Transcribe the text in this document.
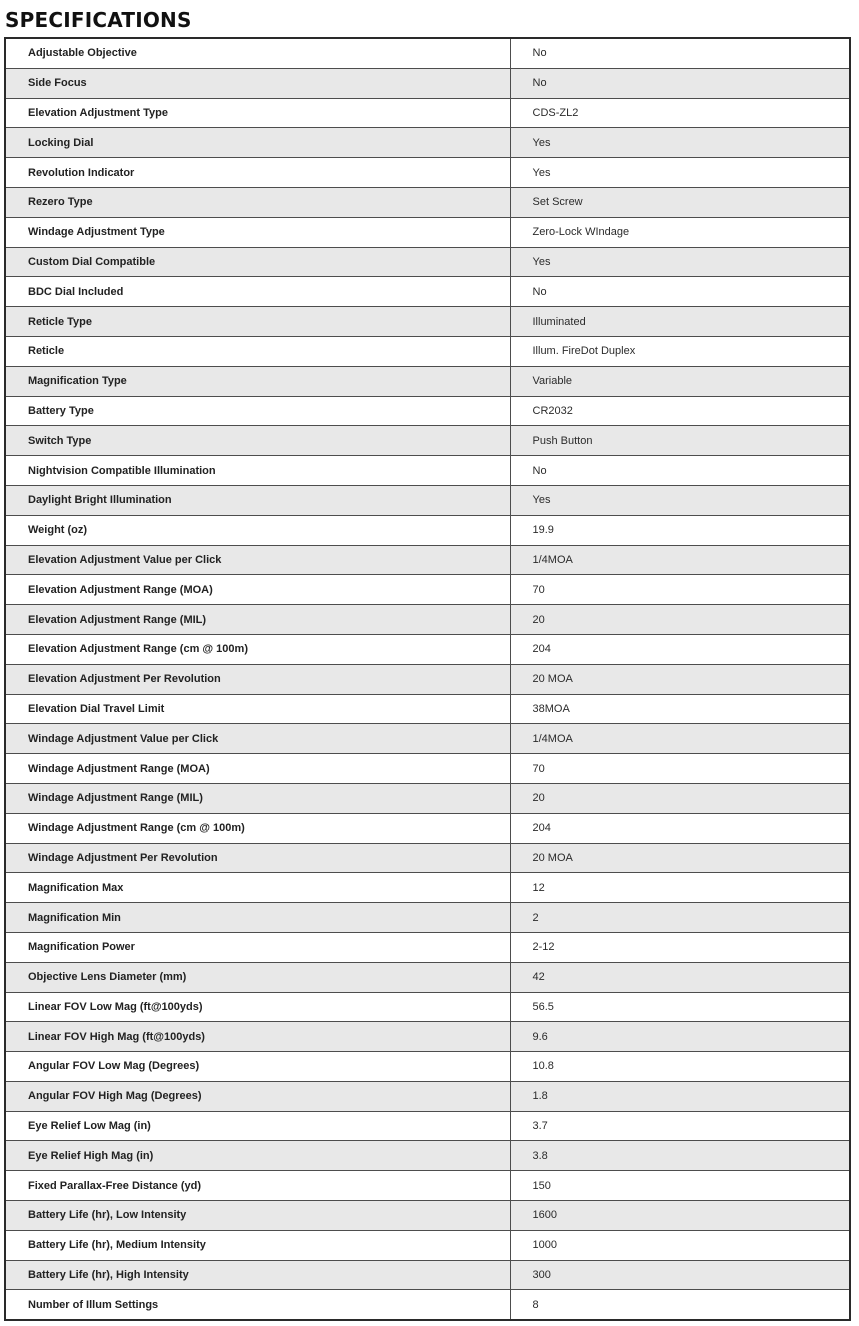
SPECIFICATIONS
Adjustable Objective	No
Side Focus	No
Elevation Adjustment Type	CDS-ZL2
Locking Dial	Yes
Revolution Indicator	Yes
Rezero Type	Set Screw
Windage Adjustment Type	Zero-Lock WIndage
Custom Dial Compatible	Yes
BDC Dial Included	No
Reticle Type	Illuminated
Reticle	Illum. FireDot Duplex
Magnification Type	Variable
Battery Type	CR2032
Switch Type	Push Button
Nightvision Compatible Illumination	No
Daylight Bright Illumination	Yes
Weight (oz)	19.9
Elevation Adjustment Value per Click	1/4MOA
Elevation Adjustment Range (MOA)	70
Elevation Adjustment Range (MIL)	20
Elevation Adjustment Range (cm @ 100m)	204
Elevation Adjustment Per Revolution	20 MOA
Elevation Dial Travel Limit	38MOA
Windage Adjustment Value per Click	1/4MOA
Windage Adjustment Range (MOA)	70
Windage Adjustment Range (MIL)	20
Windage Adjustment Range (cm @ 100m)	204
Windage Adjustment Per Revolution	20 MOA
Magnification Max	12
Magnification Min	2
Magnification Power	2-12
Objective Lens Diameter (mm)	42
Linear FOV Low Mag (ft@100yds)	56.5
Linear FOV High Mag (ft@100yds)	9.6
Angular FOV Low Mag (Degrees)	10.8
Angular FOV High Mag (Degrees)	1.8
Eye Relief Low Mag (in)	3.7
Eye Relief High Mag (in)	3.8
Fixed Parallax-Free Distance (yd)	150
Battery Life (hr), Low Intensity	1600
Battery Life (hr), Medium Intensity	1000
Battery Life (hr), High Intensity	300
Number of Illum Settings	8
